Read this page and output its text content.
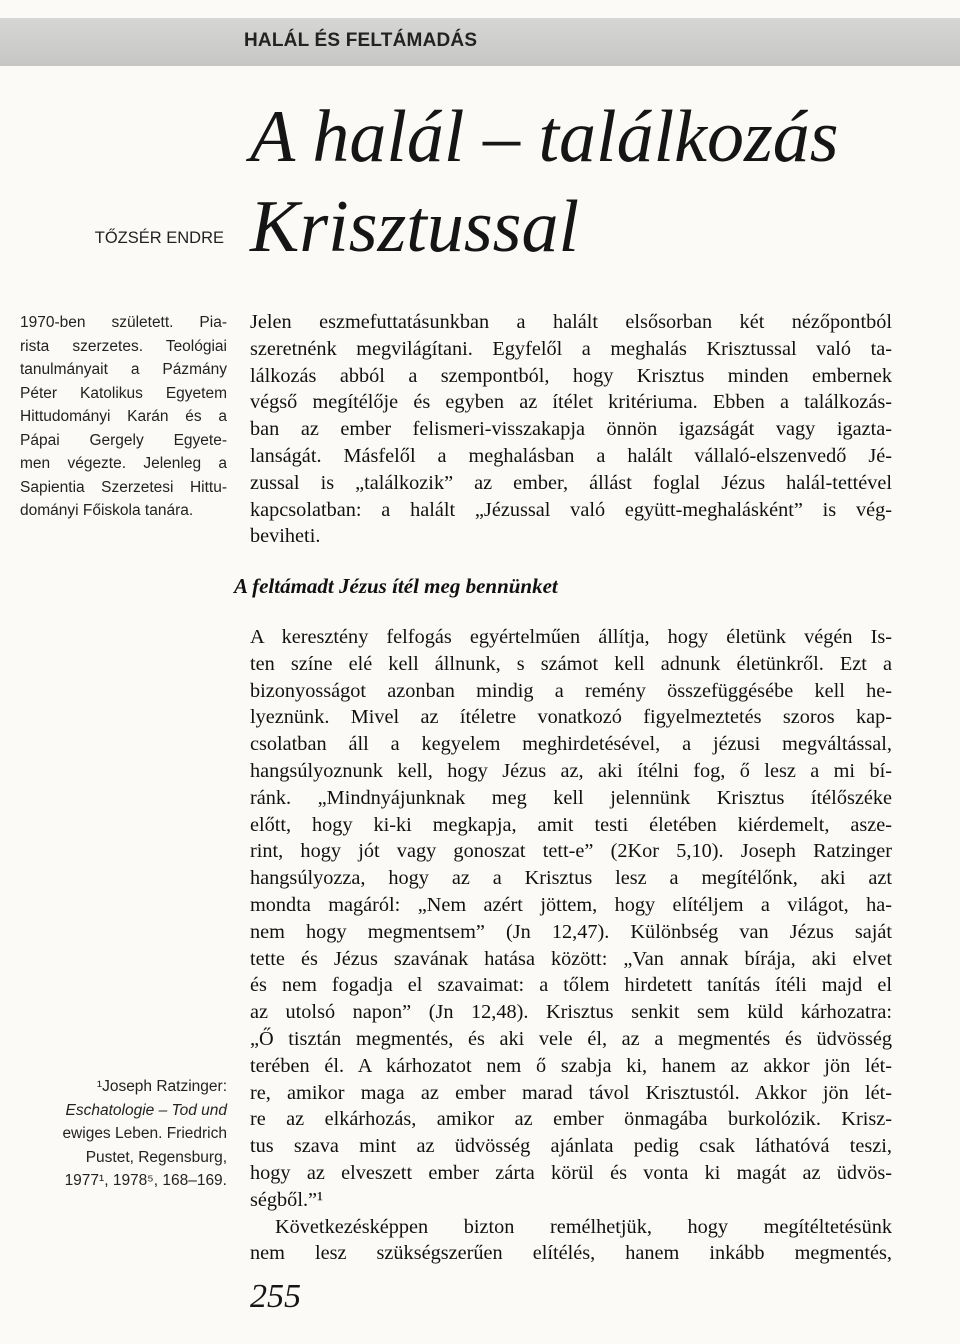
HALÁL ÉS FELTÁMADÁS
A halál – találkozás
Krisztussal
TŐZSÉR ENDRE
1970-ben született. Pia-
rista szerzetes. Teológiai
tanulmányait a Pázmány
Péter Katolikus Egyetem
Hittudományi Karán és a
Pápai Gergely Egyete-
men végezte. Jelenleg a
Sapientia Szerzetesi Hittu-
dományi Főiskola tanára.
Jelen eszmefuttatásunkban a halált elsősorban két nézőpontból
szeretnénk megvilágítani. Egyfelől a meghalás Krisztussal való ta-
lálkozás abból a szempontból, hogy Krisztus minden embernek
végső megítélője és egyben az ítélet kritériuma. Ebben a találkozás-
ban az ember felismeri-visszakapja önnön igazságát vagy igazta-
lanságát. Másfelől a meghalásban a halált vállaló-elszenvedő Jé-
zussal is „találkozik” az ember, állást foglal Jézus halál-tettével
kapcsolatban: a halált „Jézussal való együtt-meghalásként” is vég-
beviheti.
A feltámadt Jézus ítél meg bennünket
A keresztény felfogás egyértelműen állítja, hogy életünk végén Is-
ten színe elé kell állnunk, s számot kell adnunk életünkről. Ezt a
bizonyosságot azonban mindig a remény összefüggésébe kell he-
lyeznünk. Mivel az ítéletre vonatkozó figyelmeztetés szoros kap-
csolatban áll a kegyelem meghirdetésével, a jézusi megváltással,
hangsúlyoznunk kell, hogy Jézus az, aki ítélni fog, ő lesz a mi bí-
ránk. „Mindnyájunknak meg kell jelennünk Krisztus ítélőszéke
előtt, hogy ki-ki megkapja, amit testi életében kiérdemelt, asze-
rint, hogy jót vagy gonoszat tett-e” (2Kor 5,10). Joseph Ratzinger
hangsúlyozza, hogy az a Krisztus lesz a megítélőnk, aki azt
mondta magáról: „Nem azért jöttem, hogy elítéljem a világot, ha-
nem hogy megmentsem” (Jn 12,47). Különbség van Jézus saját
tette és Jézus szavának hatása között: „Van annak bírája, aki elvet
és nem fogadja el szavaimat: a tőlem hirdetett tanítás ítéli majd el
az utolsó napon” (Jn 12,48). Krisztus senkit sem küld kárhozatra:
„Ő tisztán megmentés, és aki vele él, az a megmentés és üdvösség
terében él. A kárhozatot nem ő szabja ki, hanem az akkor jön lét-
re, amikor maga az ember marad távol Krisztustól. Akkor jön lét-
re az elkárhozás, amikor az ember önmagába burkolózik. Krisz-
tus szava mint az üdvösség ajánlata pedig csak láthatóvá teszi,
hogy az elveszett ember zárta körül és vonta ki magát az üdvös-
ségből.”¹
Következésképpen bizton remélhetjük, hogy megítéltetésünk
nem lesz szükségszerűen elítélés, hanem inkább megmentés,
¹Joseph Ratzinger:
Eschatologie – Tod und
ewiges Leben. Friedrich
Pustet, Regensburg,
1977¹, 1978⁵, 168–169.
255
